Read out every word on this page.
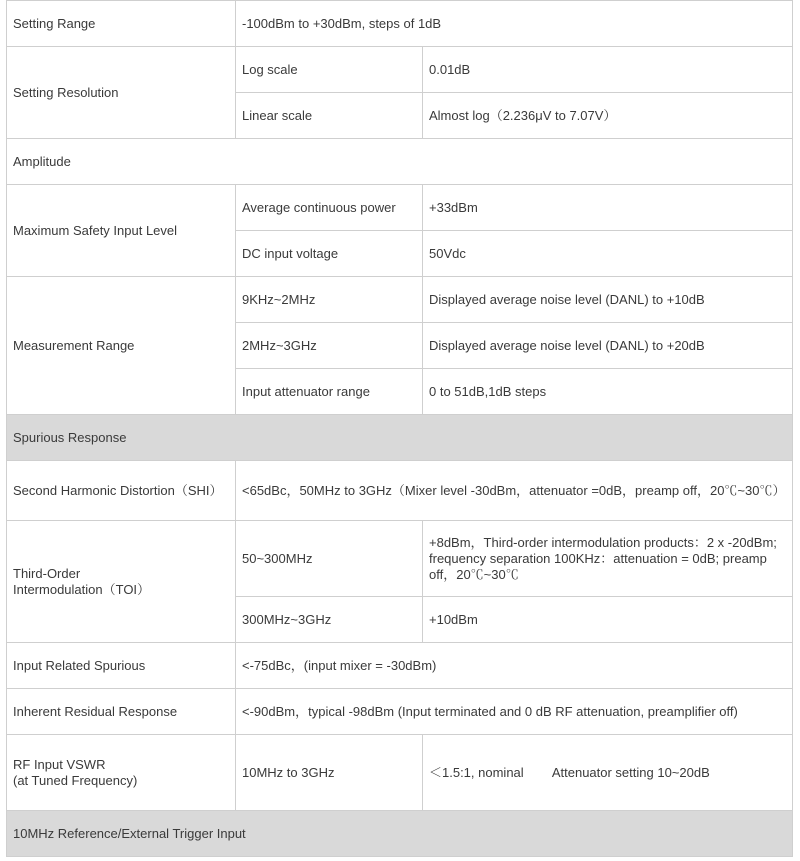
Setting Range	-100dBm to +30dBm, steps of 1dB	
Setting Resolution	Log scale	0.01dB
	Linear scale	Almost log（2.236μV to 7.07V）
Amplitude		
Maximum Safety Input Level	Average continuous power	+33dBm
	DC input voltage	50Vdc
Measurement Range	9KHz~2MHz	Displayed average noise level (DANL) to +10dB
	2MHz~3GHz	Displayed average noise level (DANL) to +20dB
	Input attenuator range	0 to 51dB,1dB steps
Spurious Response		
Second Harmonic Distortion（SHI）	<65dBc，50MHz to 3GHz（Mixer level -30dBm，attenuator =0dB，preamp off，20℃~30℃）	

Third-Order
Intermodulation（TOI）	50~300MHz	+8dBm，Third-order intermodulation products：2 x -20dBm; frequency separation 100KHz：attenuation = 0dB; preamp off，20℃~30℃
	300MHz~3GHz	+10dBm
Input Related Spurious	<-75dBc，(input mixer = -30dBm)	
Inherent Residual Response	<-90dBm，typical -98dBm (Input terminated and 0 dB RF attenuation, preamplifier off)	

RF Input VSWR
(at Tuned Frequency)	10MHz to 3GHz	＜1.5:1, nominal        Attenuator setting 10~20dB
10MHz Reference/External Trigger Input		
